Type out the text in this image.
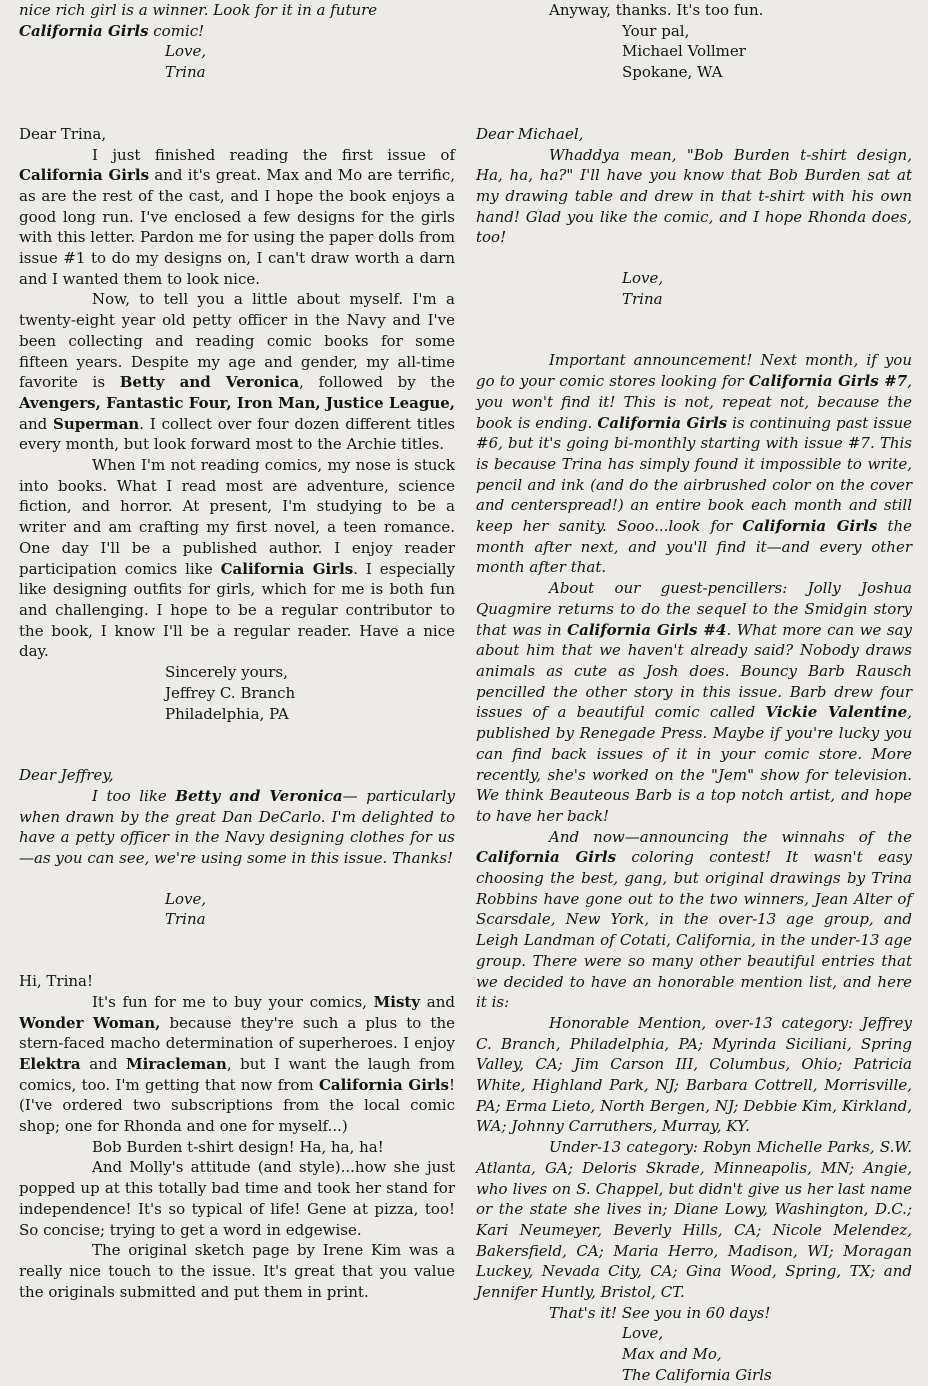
nice rich girl is a winner. Look for it in a future
California Girls comic!

Love,
Trina

Dear Trina,

I just finished reading the first issue of California Girls and it's great. Max and Mo are terrific, as are the rest of the cast, and I hope the book enjoys a good long run. I've enclosed a few designs for the girls with this letter. Pardon me for using the paper dolls from issue #1 to do my designs on, I can't draw worth a darn and I wanted them to look nice.

Now, to tell you a little about myself. I'm a twenty-eight year old petty officer in the Navy and I've been collecting and reading comic books for some fifteen years. Despite my age and gender, my all-time favorite is Betty and Veronica, followed by the Avengers, Fantastic Four, Iron Man, Justice League, and Superman. I collect over four dozen different titles every month, but look forward most to the Archie titles.

When I'm not reading comics, my nose is stuck into books. What I read most are adventure, science fiction, and horror. At present, I'm studying to be a writer and am crafting my first novel, a teen romance. One day I'll be a published author. I enjoy reader participation comics like California Girls. I especially like designing outfits for girls, which for me is both fun and challenging. I hope to be a regular contributor to the book, I know I'll be a regular reader. Have a nice day.

Sincerely yours,
Jeffrey C. Branch
Philadelphia, PA

Dear Jeffrey,

I too like Betty and Veronica— particularly when drawn by the great Dan DeCarlo. I'm delighted to have a petty officer in the Navy designing clothes for us —as you can see, we're using some in this issue. Thanks!

Love,
Trina

Hi, Trina!

It's fun for me to buy your comics, Misty and Wonder Woman, because they're such a plus to the stern-faced macho determination of superheroes. I enjoy Elektra and Miracleman, but I want the laugh from comics, too. I'm getting that now from California Girls! (I've ordered two subscriptions from the local comic shop; one for Rhonda and one for myself...)

Bob Burden t-shirt design! Ha, ha, ha!

And Molly's attitude (and style)...how she just popped up at this totally bad time and took her stand for independence! It's so typical of life! Gene at pizza, too! So concise; trying to get a word in edgewise.

The original sketch page by Irene Kim was a really nice touch to the issue. It's great that you value the originals submitted and put them in print.

Anyway, thanks. It's too fun.

Your pal,
Michael Vollmer
Spokane, WA

Dear Michael,

Whaddya mean, "Bob Burden t-shirt design, Ha, ha, ha?" I'll have you know that Bob Burden sat at my drawing table and drew in that t-shirt with his own hand! Glad you like the comic, and I hope Rhonda does, too!

Love,
Trina

Important announcement! Next month, if you go to your comic stores looking for California Girls #7, you won't find it! This is not, repeat not, because the book is ending. California Girls is continuing past issue #6, but it's going bi-monthly starting with issue #7. This is because Trina has simply found it impossible to write, pencil and ink (and do the airbrushed color on the cover and centerspread!) an entire book each month and still keep her sanity. Sooo...look for California Girls the month after next, and you'll find it—and every other month after that.

About our guest-pencillers: Jolly Joshua Quagmire returns to do the sequel to the Smidgin story that was in California Girls #4. What more can we say about him that we haven't already said? Nobody draws animals as cute as Josh does. Bouncy Barb Rausch pencilled the other story in this issue. Barb drew four issues of a beautiful comic called Vickie Valentine, published by Renegade Press. Maybe if you're lucky you can find back issues of it in your comic store. More recently, she's worked on the "Jem" show for television. We think Beauteous Barb is a top notch artist, and hope to have her back!

And now—announcing the winnahs of the California Girls coloring contest! It wasn't easy choosing the best, gang, but original drawings by Trina Robbins have gone out to the two winners, Jean Alter of Scarsdale, New York, in the over-13 age group, and Leigh Landman of Cotati, California, in the under-13 age group. There were so many other beautiful entries that we decided to have an honorable mention list, and here it is:

Honorable Mention, over-13 category: Jeffrey C. Branch, Philadelphia, PA; Myrinda Siciliani, Spring Valley, CA; Jim Carson III, Columbus, Ohio; Patricia White, Highland Park, NJ; Barbara Cottrell, Morrisville, PA; Erma Lieto, North Bergen, NJ; Debbie Kim, Kirkland, WA; Johnny Carruthers, Murray, KY.

Under-13 category: Robyn Michelle Parks, S.W. Atlanta, GA; Deloris Skrade, Minneapolis, MN; Angie, who lives on S. Chappel, but didn't give us her last name or the state she lives in; Diane Lowy, Washington, D.C.; Kari Neumeyer, Beverly Hills, CA; Nicole Melendez, Bakersfield, CA; Maria Herro, Madison, WI; Moragan Luckey, Nevada City, CA; Gina Wood, Spring, TX; and Jennifer Huntly, Bristol, CT.

That's it! See you in 60 days!

Love,
Max and Mo,
The California Girls
